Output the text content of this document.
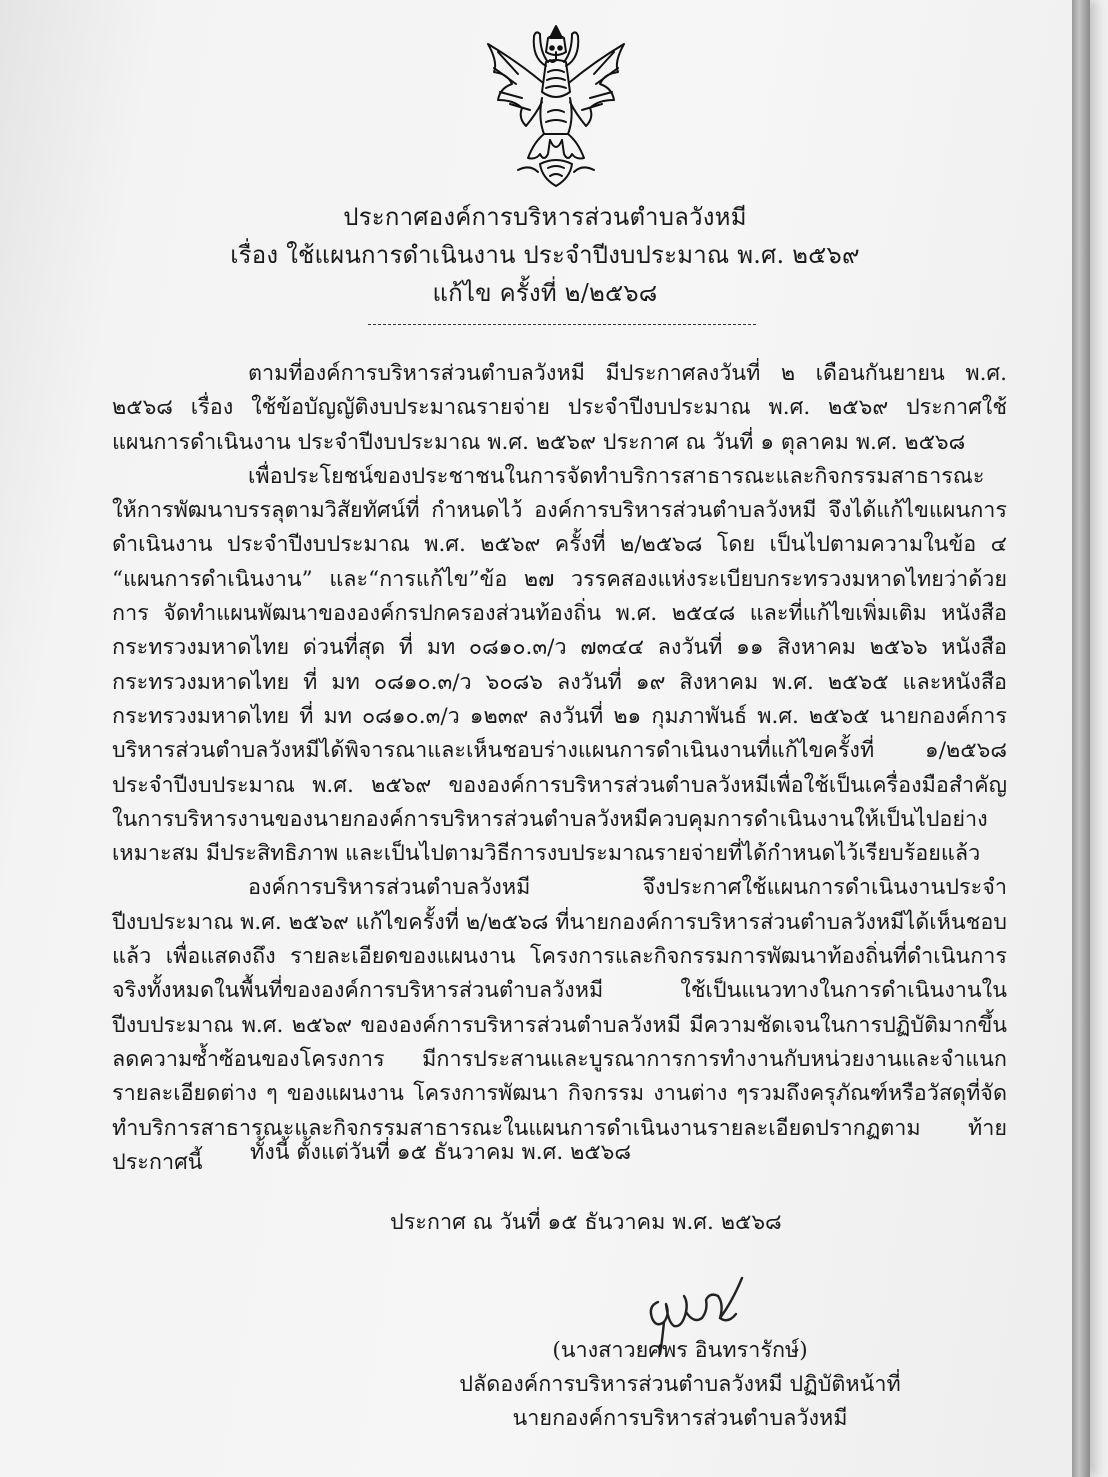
ประกาศองค์การบริหารส่วนตำบลวังหมี
เรื่อง ใช้แผนการดำเนินงาน ประจำปีงบประมาณ พ.ศ. ๒๕๖๙
แก้ไข ครั้งที่ ๒/๒๕๖๘

ตามที่องค์การบริหารส่วนตำบลวังหมี มีประกาศลงวันที่ ๒ เดือนกันยายน พ.ศ. ๒๕๖๘ เรื่อง ใช้ข้อบัญญัติงบประมาณรายจ่าย ประจำปีงบประมาณ พ.ศ. ๒๕๖๙ ประกาศใช้แผนการดำเนินงาน ประจำปีงบประมาณ พ.ศ. ๒๕๖๙ ประกาศ ณ วันที่ ๑ ตุลาคม พ.ศ. ๒๕๖๘

เพื่อประโยชน์ของประชาชนในการจัดทำบริการสาธารณะและกิจกรรมสาธารณะให้การพัฒนาบรรลุตามวิสัยทัศน์ที่ กำหนดไว้ องค์การบริหารส่วนตำบลวังหมี จึงได้แก้ไขแผนการดำเนินงาน ประจำปีงบประมาณ พ.ศ. ๒๕๖๙ ครั้งที่ ๒/๒๕๖๘ โดย เป็นไปตามความในข้อ ๔ “แผนการดำเนินงาน” และ“การแก้ไข”ข้อ ๒๗ วรรคสองแห่งระเบียบกระทรวงมหาดไทยว่าด้วยการ จัดทำแผนพัฒนาขององค์กรปกครองส่วนท้องถิ่น พ.ศ. ๒๕๔๘ และที่แก้ไขเพิ่มเติม หนังสือกระทรวงมหาดไทย ด่วนที่สุด ที่ มท ๐๘๑๐.๓/ว ๗๓๔๔ ลงวันที่ ๑๑ สิงหาคม ๒๕๖๖ หนังสือกระทรวงมหาดไทย ที่ มท ๐๘๑๐.๓/ว ๖๐๘๖ ลงวันที่ ๑๙ สิงหาคม พ.ศ. ๒๕๖๕ และหนังสือกระทรวงมหาดไทย ที่ มท ๐๘๑๐.๓/ว ๑๒๓๙ ลงวันที่ ๒๑ กุมภาพันธ์ พ.ศ. ๒๕๖๕ นายกองค์การบริหารส่วนตำบลวังหมีได้พิจารณาและเห็นชอบร่างแผนการดำเนินงานที่แก้ไขครั้งที่ ๑/๒๕๖๘ ประจำปีงบประมาณ พ.ศ. ๒๕๖๙ ขององค์การบริหารส่วนตำบลวังหมีเพื่อใช้เป็นเครื่องมือสำคัญ ในการบริหารงานของนายกองค์การบริหารส่วนตำบลวังหมีควบคุมการดำเนินงานให้เป็นไปอย่างเหมาะสม มีประสิทธิภาพ และเป็นไปตามวิธีการงบประมาณรายจ่ายที่ได้กำหนดไว้เรียบร้อยแล้ว

องค์การบริหารส่วนตำบลวังหมี จึงประกาศใช้แผนการดำเนินงานประจำปีงบประมาณ พ.ศ. ๒๕๖๙ แก้ไขครั้งที่ ๒/๒๕๖๘ ที่นายกองค์การบริหารส่วนตำบลวังหมีได้เห็นชอบแล้ว เพื่อแสดงถึง รายละเอียดของแผนงาน โครงการและกิจกรรมการพัฒนาท้องถิ่นที่ดำเนินการจริงทั้งหมดในพื้นที่ขององค์การบริหารส่วนตำบลวังหมี ใช้เป็นแนวทางในการดำเนินงานในปีงบประมาณ พ.ศ. ๒๕๖๙ ขององค์การบริหารส่วนตำบลวังหมี มีความชัดเจนในการปฏิบัติมากขึ้น ลดความซ้ำซ้อนของโครงการ มีการประสานและบูรณาการการทำงานกับหน่วยงานและจำแนกรายละเอียดต่าง ๆ ของแผนงาน โครงการพัฒนา กิจกรรม งานต่าง ๆรวมถึงครุภัณฑ์หรือวัสดุที่จัดทำบริการสาธารณะและกิจกรรมสาธารณะในแผนการดำเนินงานรายละเอียดปรากฏตาม ท้ายประกาศนี้	ทั้งนี้ ตั้งแต่วันที่ ๑๕ ธันวาคม พ.ศ. ๒๕๖๘
ประกาศ ณ วันที่ ๑๕ ธันวาคม พ.ศ. ๒๕๖๘
(นางสาวยศพร อินทรารักษ์)
ปลัดองค์การบริหารส่วนตำบลวังหมี ปฏิบัติหน้าที่
นายกองค์การบริหารส่วนตำบลวังหมี
